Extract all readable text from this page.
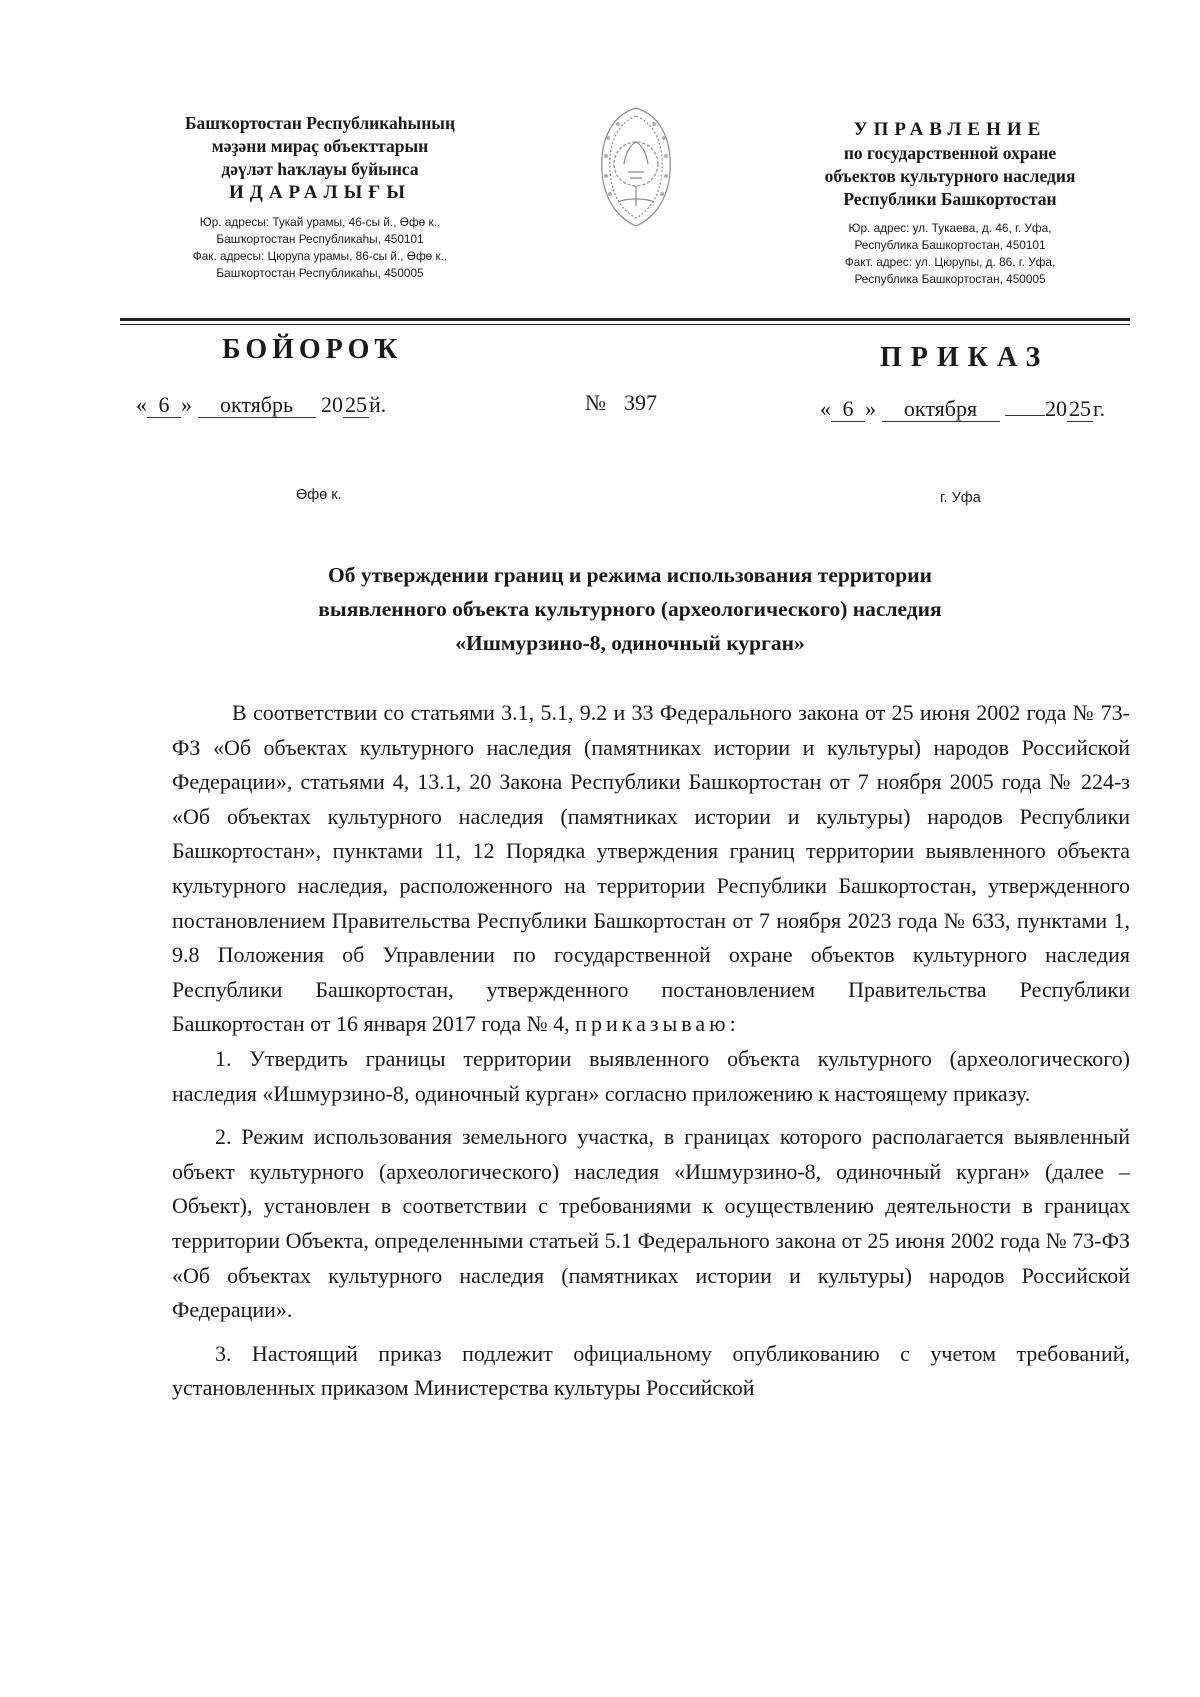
Башҡортостан Республикаһының
мәҙәни мираҫ объекттарын
дәүләт һаҡлауы буйынса
ИДАРАЛЫҒЫ
Юр. адресы: Тукай урамы, 46-сы й., Өфө к.,
Башҡортостан Республикаһы, 450101
Фак. адресы: Цюрупа урамы, 86-сы й., Өфө к.,
Башҡортостан Республикаһы, 450005
УПРАВЛЕНИЕ
по государственной охране
объектов культурного наследия
Республики Башкортостан
Юр. адрес: ул. Тукаева, д. 46, г. Уфа,
Республика Башкортостан, 450101
Факт. адрес: ул. Цюрупы, д. 86, г. Уфа,
Республика Башкортостан, 450005
БОЙОРОҠ	ПРИКАЗ
« 6 » октябрь 2025й.	№ 397	« 6 » октября	2025г.
Өфө к.	г. Уфа
Об утверждении границ и режима использования территории
выявленного объекта культурного (археологического) наследия
«Ишмурзино-8, одиночный курган»

В соответствии со статьями 3.1, 5.1, 9.2 и 33 Федерального закона от 25 июня 2002 года № 73-ФЗ «Об объектах культурного наследия (памятниках истории и культуры) народов Российской Федерации», статьями 4, 13.1, 20 Закона Республики Башкортостан от 7 ноября 2005 года № 224-з «Об объектах культурного наследия (памятниках истории и культуры) народов Республики Башкортостан», пунктами 11, 12 Порядка утверждения границ территории выявленного объекта культурного наследия, расположенного на территории Республики Башкортостан, утвержденного постановлением Правительства Республики Башкортостан от 7 ноября 2023 года № 633, пунктами 1, 9.8 Положения об Управлении по государственной охране объектов культурного наследия Республики Башкортостан, утвержденного постановлением Правительства Республики Башкортостан от 16 января 2017 года № 4, приказываю:

1. Утвердить границы территории выявленного объекта культурного (археологического) наследия «Ишмурзино-8, одиночный курган» согласно приложению к настоящему приказу.

2. Режим использования земельного участка, в границах которого располагается выявленный объект культурного (археологического) наследия «Ишмурзино-8, одиночный курган» (далее – Объект), установлен в соответствии с требованиями к осуществлению деятельности в границах территории Объекта, определенными статьей 5.1 Федерального закона от 25 июня 2002 года № 73-ФЗ «Об объектах культурного наследия (памятниках истории и культуры) народов Российской Федерации».

3. Настоящий приказ подлежит официальному опубликованию с учетом требований, установленных приказом Министерства культуры Российской
